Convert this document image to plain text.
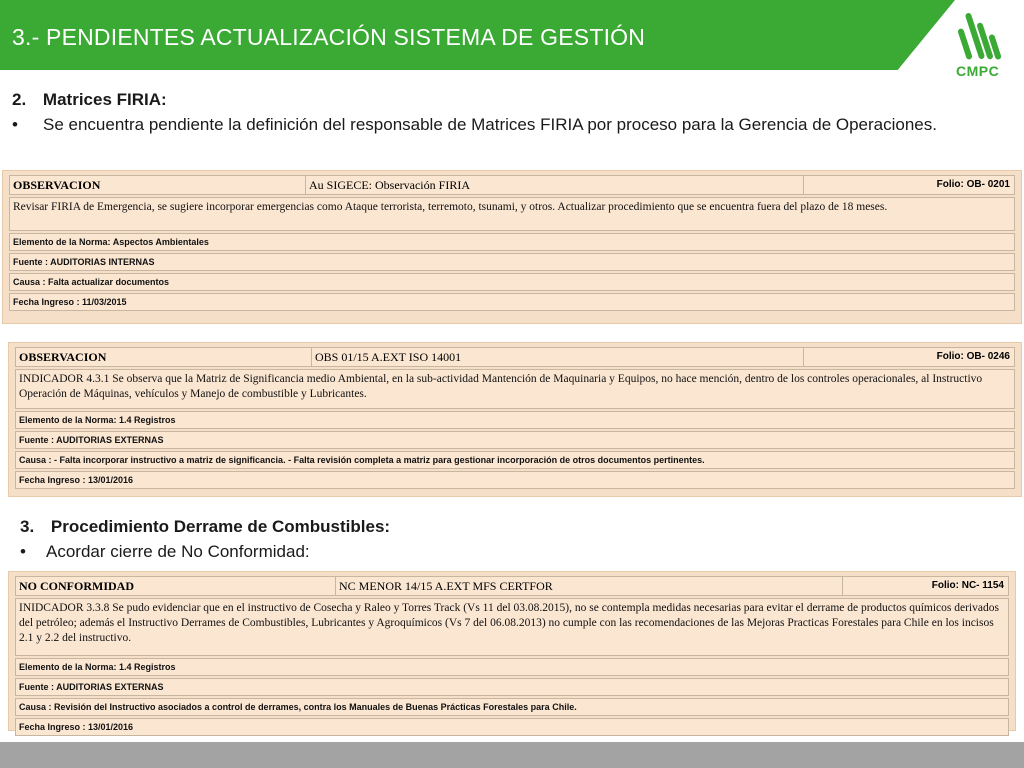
3.- PENDIENTES ACTUALIZACIÓN SISTEMA DE GESTIÓN
CMPC
2. Matrices FIRIA:
• Se encuentra pendiente la definición del responsable de Matrices FIRIA por proceso para la Gerencia de Operaciones.
OBSERVACION	Au SIGECE: Observación FIRIA	Folio: OB- 0201
Revisar FIRIA de Emergencia, se sugiere incorporar emergencias como Ataque terrorista, terremoto, tsunami, y otros. Actualizar procedimiento que se encuentra fuera del plazo de 18 meses.
Elemento de la Norma: Aspectos Ambientales
Fuente : AUDITORIAS INTERNAS
Causa : Falta actualizar documentos
Fecha Ingreso : 11/03/2015
OBSERVACION	OBS 01/15 A.EXT ISO 14001	Folio: OB- 0246
INDICADOR 4.3.1 Se observa que la Matriz de Significancia medio Ambiental, en la sub-actividad Mantención de Maquinaria y Equipos, no hace mención, dentro de los controles operacionales, al Instructivo Operación de Máquinas, vehículos y Manejo de combustible y Lubricantes.
Elemento de la Norma: 1.4 Registros
Fuente : AUDITORIAS EXTERNAS
Causa : - Falta incorporar instructivo a matriz de significancia. - Falta revisión completa a matriz para gestionar incorporación de otros documentos pertinentes.
Fecha Ingreso : 13/01/2016
3. Procedimiento Derrame de Combustibles:
• Acordar cierre de No Conformidad:
NO CONFORMIDAD	NC MENOR 14/15 A.EXT MFS CERTFOR	Folio: NC- 1154
INIDCADOR 3.3.8 Se pudo evidenciar que en el instructivo de Cosecha y Raleo y Torres Track (Vs 11 del 03.08.2015), no se contempla medidas necesarias para evitar el derrame de productos químicos derivados del petróleo; además el Instructivo Derrames de Combustibles, Lubricantes y Agroquímicos (Vs 7 del 06.08.2013) no cumple con las recomendaciones de las Mejoras Practicas Forestales para Chile en los incisos 2.1 y 2.2 del instructivo.
Elemento de la Norma: 1.4 Registros
Fuente : AUDITORIAS EXTERNAS
Causa : Revisión del Instructivo asociados a control de derrames, contra los Manuales de Buenas Prácticas Forestales para Chile.
Fecha Ingreso : 13/01/2016
